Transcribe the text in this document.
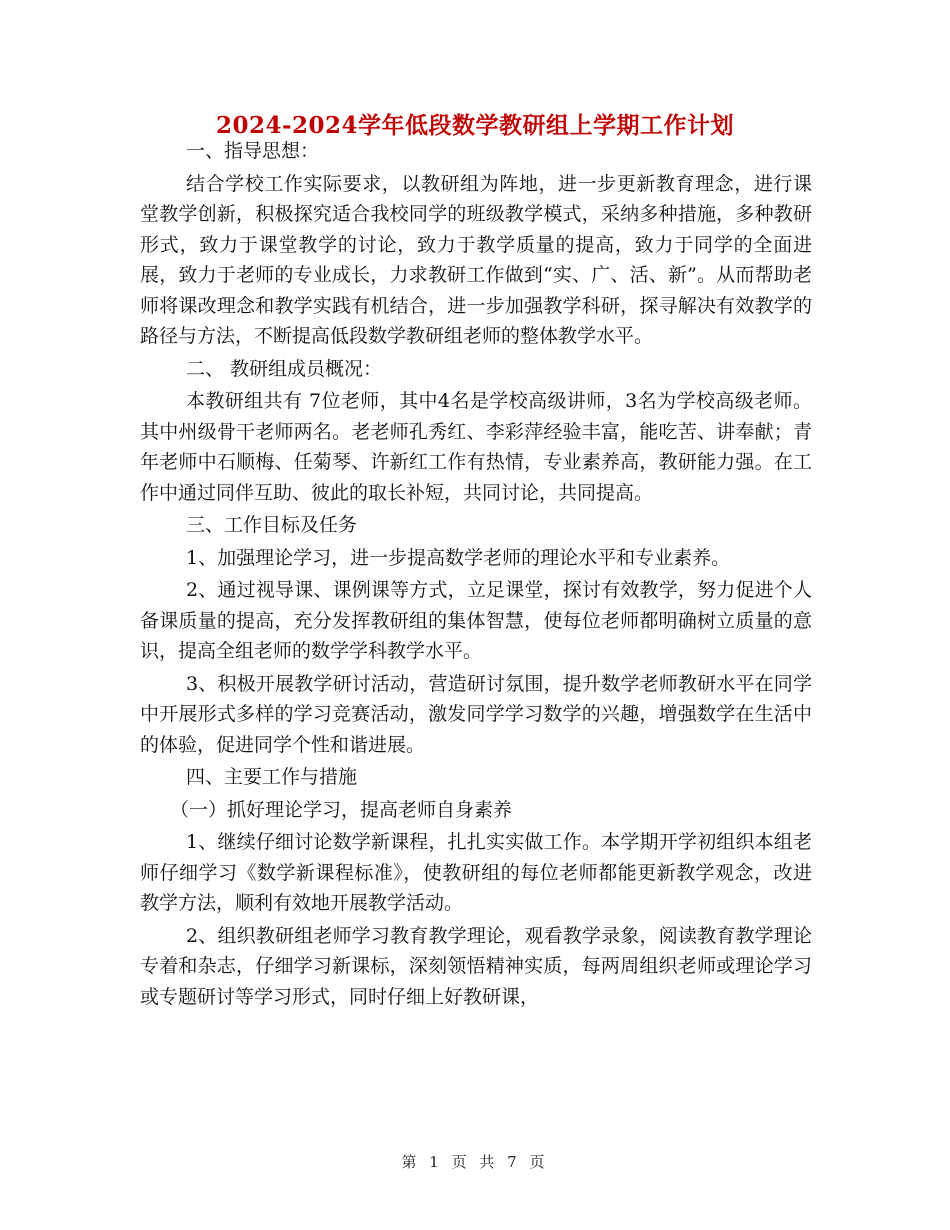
2024-2024学年低段数学教研组上学期工作计划

一、指导思想：

结合学校工作实际要求，以教研组为阵地，进一步更新教育理念，进行课堂教学创新，积极探究适合我校同学的班级教学模式，采纳多种措施，多种教研形式，致力于课堂教学的讨论，致力于教学质量的提高，致力于同学的全面进展，致力于老师的专业成长，力求教研工作做到“实、广、活、新”。从而帮助老师将课改理念和教学实践有机结合，进一步加强教学科研，探寻解决有效教学的路径与方法，不断提高低段数学教研组老师的整体教学水平。

二、 教研组成员概况：

本教研组共有 7位老师，其中4名是学校高级讲师，3名为学校高级老师。其中州级骨干老师两名。老老师孔秀红、李彩萍经验丰富，能吃苦、讲奉献；青年老师中石顺梅、任菊琴、许新红工作有热情，专业素养高，教研能力强。在工作中通过同伴互助、彼此的取长补短，共同讨论，共同提高。

三、工作目标及任务

1、加强理论学习，进一步提高数学老师的理论水平和专业素养。

2、通过视导课、课例课等方式，立足课堂，探讨有效教学，努力促进个人备课质量的提高，充分发挥教研组的集体智慧，使每位老师都明确树立质量的意识，提高全组老师的数学学科教学水平。

3、积极开展教学研讨活动，营造研讨氛围，提升数学老师教研水平在同学中开展形式多样的学习竞赛活动，激发同学学习数学的兴趣，增强数学在生活中的体验，促进同学个性和谐进展。

四、主要工作与措施

（一）抓好理论学习，提高老师自身素养

1、继续仔细讨论数学新课程，扎扎实实做工作。本学期开学初组织本组老师仔细学习《数学新课程标准》，使教研组的每位老师都能更新教学观念，改进教学方法，顺利有效地开展教学活动。

2、组织教研组老师学习教育教学理论，观看教学录象，阅读教育教学理论专着和杂志，仔细学习新课标，深刻领悟精神实质，每两周组织老师或理论学习或专题研讨等学习形式，同时仔细上好教研课，

第 1 页 共 7 页
